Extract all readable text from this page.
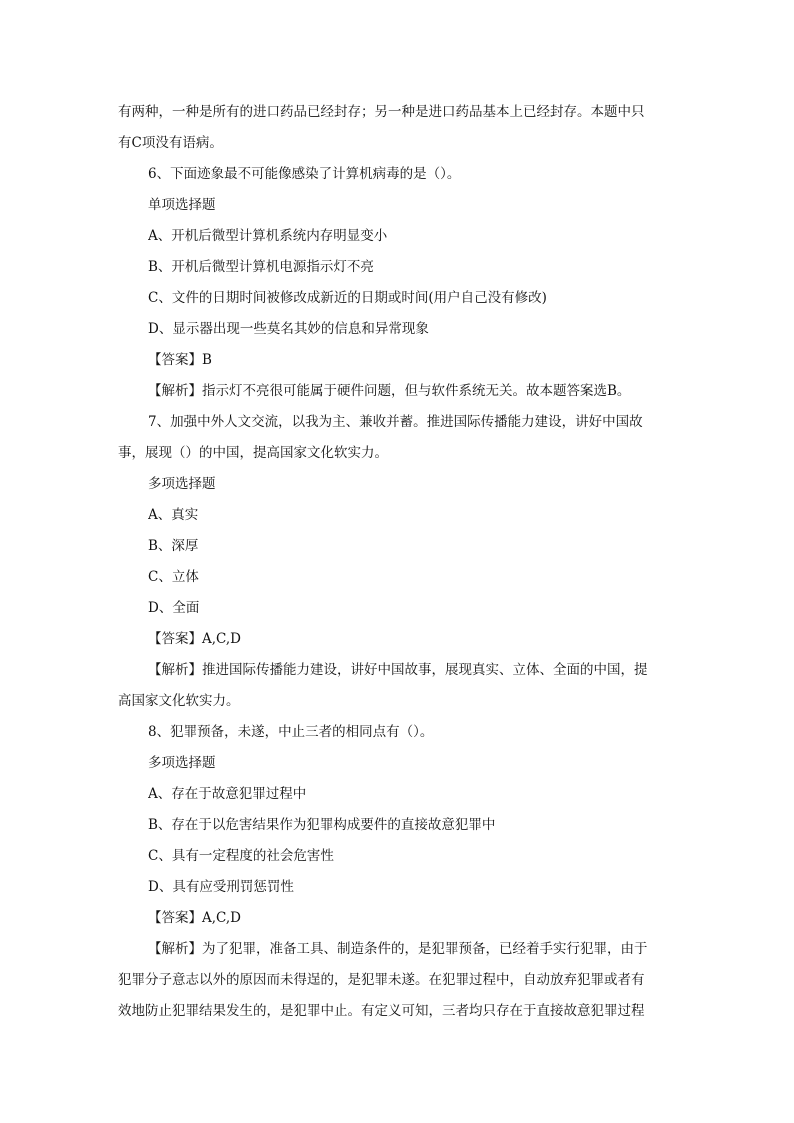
有两种，一种是所有的进口药品已经封存；另一种是进口药品基本上已经封存。本题中只
有C项没有语病。
6、下面迹象最不可能像感染了计算机病毒的是（）。
单项选择题
A、开机后微型计算机系统内存明显变小
B、开机后微型计算机电源指示灯不亮
C、文件的日期时间被修改成新近的日期或时间(用户自己没有修改)
D、显示器出现一些莫名其妙的信息和异常现象
【答案】B
【解析】指示灯不亮很可能属于硬件问题，但与软件系统无关。故本题答案选B。
7、加强中外人文交流，以我为主、兼收并蓄。推进国际传播能力建设，讲好中国故
事，展现（）的中国，提高国家文化软实力。
多项选择题
A、真实
B、深厚
C、立体
D、全面
【答案】A,C,D
【解析】推进国际传播能力建设，讲好中国故事，展现真实、立体、全面的中国，提
高国家文化软实力。
8、犯罪预备，未遂，中止三者的相同点有（）。
多项选择题
A、存在于故意犯罪过程中
B、存在于以危害结果作为犯罪构成要件的直接故意犯罪中
C、具有一定程度的社会危害性
D、具有应受刑罚惩罚性
【答案】A,C,D
【解析】为了犯罪，准备工具、制造条件的，是犯罪预备，已经着手实行犯罪，由于
犯罪分子意志以外的原因而未得逞的，是犯罪未遂。在犯罪过程中，自动放弃犯罪或者有
效地防止犯罪结果发生的，是犯罪中止。有定义可知，三者均只存在于直接故意犯罪过程
